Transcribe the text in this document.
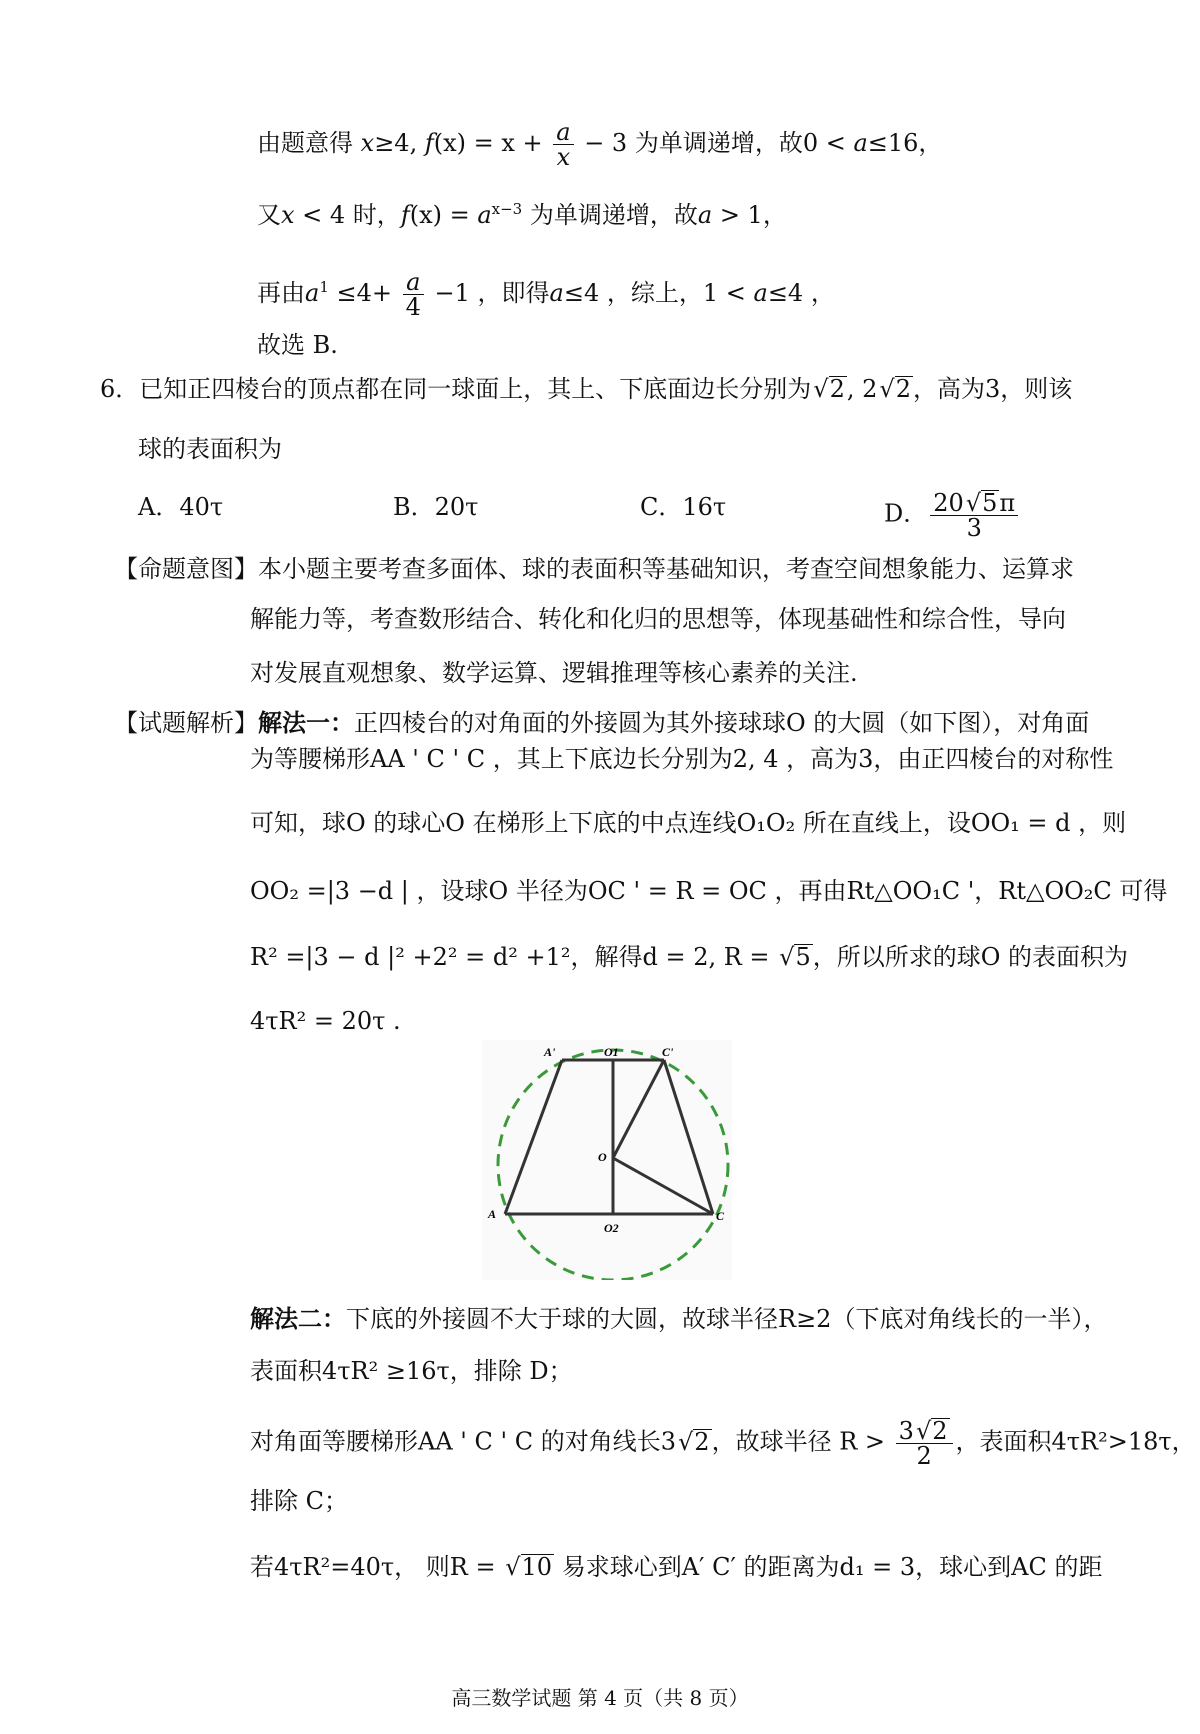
由题意得 x≥4, $f(x) = x + \frac{a}{x} - 3$ 为单调递增，故0 < a≤16，
又x < 4 时，$f(x) = a^{x-3}$ 为单调递增，故a > 1，
再由$a^1 \le 4+ \frac{a}{4} -1$ ，即得a≤4 ，综上，1 < a≤4 ，
故选 B.
6．已知正四棱台的顶点都在同一球面上，其上、下底面边长分别为√2, 2√2，高为3，则该
球的表面积为
A．40τ	B．20τ	C．16τ	D． $\frac{20√5\pi}{3}$
【命题意图】本小题主要考查多面体、球的表面积等基础知识，考查空间想象能力、运算求
解能力等，考查数形结合、转化和化归的思想等，体现基础性和综合性，导向
对发展直观想象、数学运算、逻辑推理等核心素养的关注.
【试题解析】解法一：正四棱台的对角面的外接圆为其外接球球O 的大圆（如下图），对角面
为等腰梯形AA ' C ' C ，其上下底边长分别为2, 4 ，高为3，由正四棱台的对称性
可知，球O 的球心O 在梯形上下底的中点连线O₁O₂ 所在直线上，设OO₁ = d ，则
OO₂ =|3 −d | ，设球O 半径为OC ' = R = OC ，再由Rt△OO₁C '，Rt△OO₂C 可得
R² =|3 − d |² +2² = d² +1²，解得d = 2, R = √5，所以所求的球O 的表面积为
4τR² = 20τ .
A'	O1	C'
O
A
O2
C
解法二：下底的外接圆不大于球的大圆，故球半径R≥2（下底对角线长的一半），
表面积4τR² ≥16τ，排除 D；
对角面等腰梯形AA ' C ' C 的对角线长3√2，故球半径 $R > \frac{3√2}{2}$ ，表面积4τR²>18τ，
排除 C；
若4τR²=40τ， 则R = √10 易求球心到A′ C′ 的距离为d₁ = 3，球心到AC 的距
高三数学试题 第 4 页（共 8 页）
